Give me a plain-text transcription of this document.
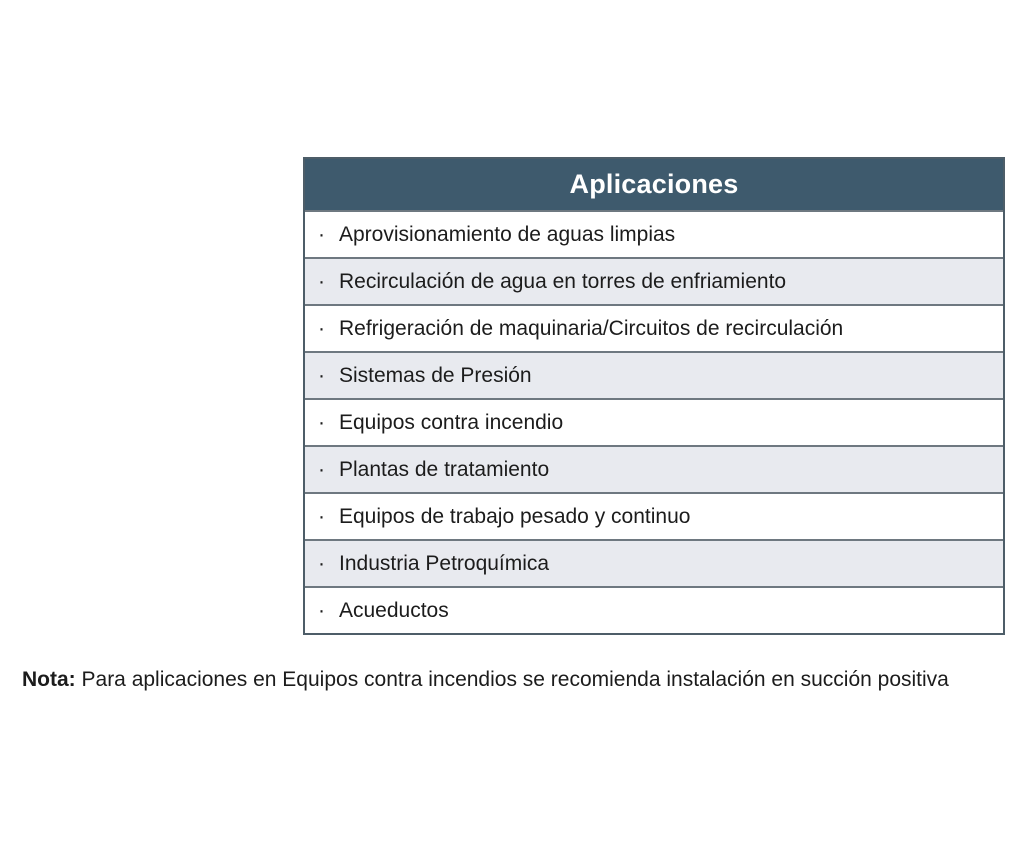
Aplicaciones
· Aprovisionamiento de aguas limpias
· Recirculación de agua en torres de enfriamiento
· Refrigeración de maquinaria/Circuitos de recirculación
· Sistemas de Presión
· Equipos contra incendio
· Plantas de tratamiento
· Equipos de trabajo pesado y continuo
· Industria Petroquímica
· Acueductos

Nota: Para aplicaciones en Equipos contra incendios se recomienda instalación en succión positiva
